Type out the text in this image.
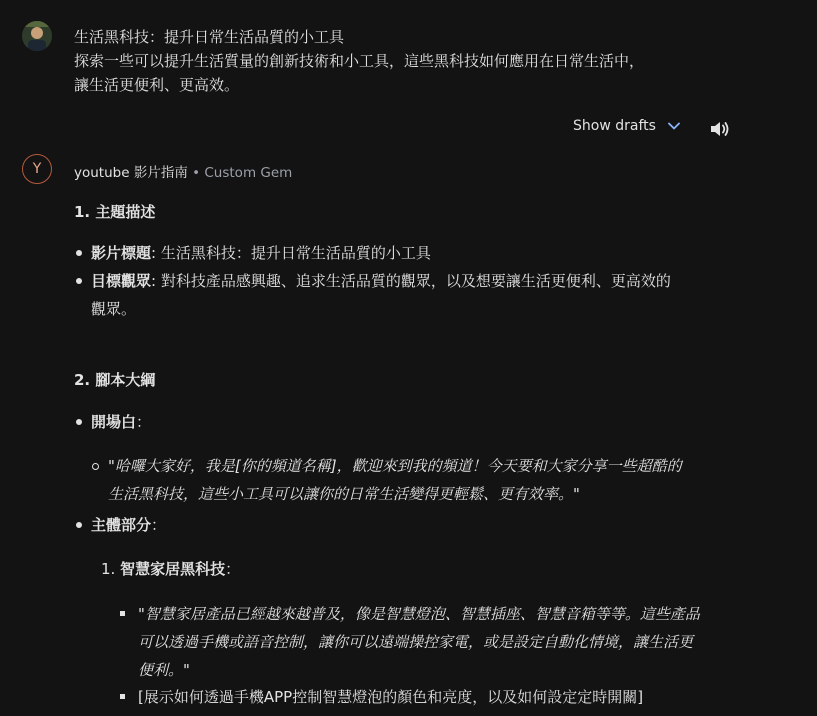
生活黑科技：提升日常生活品質的小工具
探索一些可以提升生活質量的創新技術和小工具，這些黑科技如何應用在日常生活中，
讓生活更便利、更高效。

Show drafts
Y youtube 影片指南 • Custom Gem

1. 主題描述

影片標題: 生活黑科技：提升日常生活品質的小工具
目標觀眾: 對科技產品感興趣、追求生活品質的觀眾，以及想要讓生活更便利、更高效的觀眾。

2. 腳本大綱

開場白：
"哈囉大家好，我是[你的頻道名稱]，歡迎來到我的頻道！今天要和大家分享一些超酷的生活黑科技，這些小工具可以讓你的日常生活變得更輕鬆、更有效率。"
主體部分：
1. 智慧家居黑科技：
"智慧家居產品已經越來越普及，像是智慧燈泡、智慧插座、智慧音箱等等。這些產品可以透過手機或語音控制，讓你可以遠端操控家電，或是設定自動化情境，讓生活更便利。"
[展示如何透過手機APP控制智慧燈泡的顏色和亮度，以及如何設定定時開關]
